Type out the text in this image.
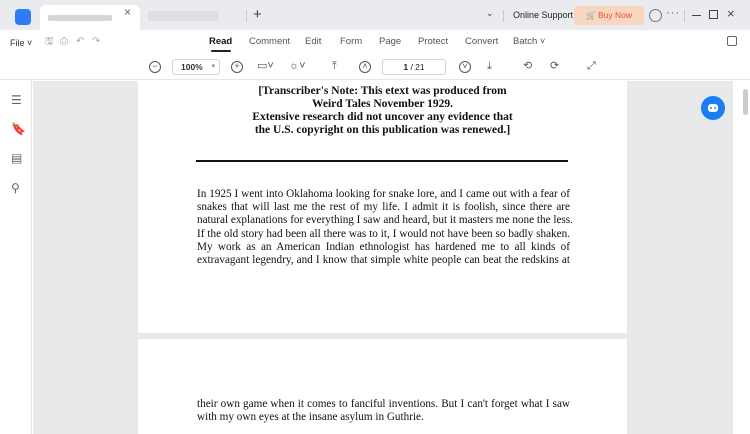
×	+	⌄ Online Support	🛒 Buy Now	···	×
File ˅ 🖫 ⎙ ↶ ↷	Read Comment Edit Form Page Protect Convert Batch ˅
−	100% ▾	+	▭˅ ☼˅ ⤒	˄	1 / 21	˅	⤓	⟲ ⟳	⤢
☰
🔖
▤
⚲
[Transcriber's Note: This etext was produced from
Weird Tales November 1929.
Extensive research did not uncover any evidence that
the U.S. copyright on this publication was renewed.]
In 1925 I went into Oklahoma looking for snake lore, and I came out with a fear of
snakes that will last me the rest of my life. I admit it is foolish, since there are
natural explanations for everything I saw and heard, but it masters me none the less.
If the old story had been all there was to it, I would not have been so badly shaken.
My work as an American Indian ethnologist has hardened me to all kinds of
extravagant legendry, and I know that simple white people can beat the redskins at
their own game when it comes to fanciful inventions. But I can't forget what I saw
with my own eyes at the insane asylum in Guthrie.
